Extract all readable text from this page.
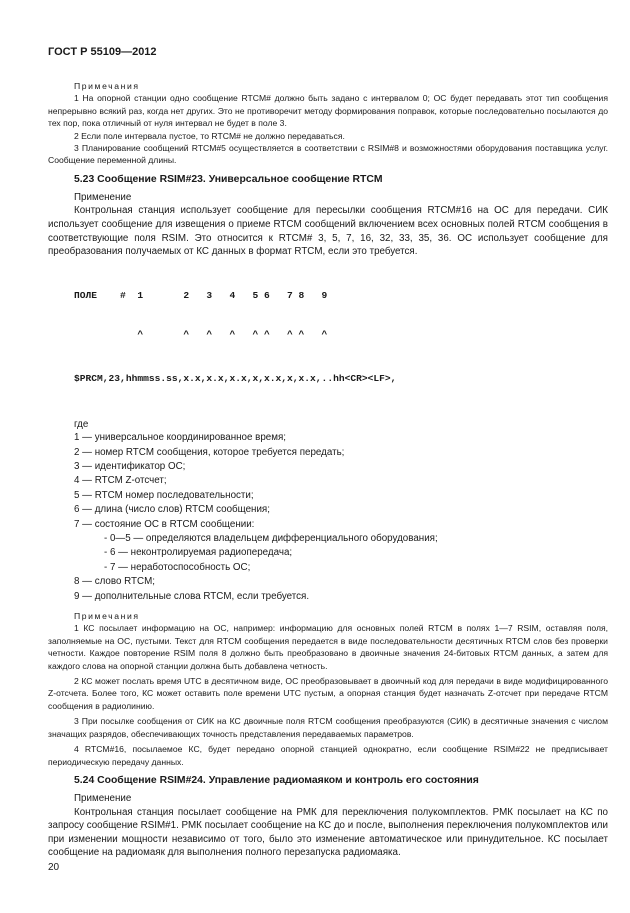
ГОСТ Р 55109—2012

Примечания

1 На опорной станции одно сообщение RTCM# должно быть задано с интервалом 0; ОС будет передавать этот тип сообщения непрерывно всякий раз, когда нет других. Это не противоречит методу формирования поправок, которые последовательно посылаются до тех пор, пока отличный от нуля интервал не будет в поле 3.

2 Если поле интервала пустое, то RTCM# не должно передаваться.

3 Планирование сообщений RTCM#5 осуществляется в соответствии с RSIM#8 и возможностями оборудования поставщика услуг. Сообщение переменной длины.

5.23 Сообщение RSIM#23. Универсальное сообщение RTCM

Применение

Контрольная станция использует сообщение для пересылки сообщения RTCM#16 на ОС для передачи. СИК использует сообщение для извещения о приеме RTCM сообщений включением всех основных полей RTCM сообщения в соответствующие поля RSIM. Это относится к RTCM# 3, 5, 7, 16, 32, 33, 35, 36. ОС использует сообщение для преобразования получаемых от КС данных в формат RTCM, если это требуется.

ПОЛЕ    #  1       2   3   4   5 6   7 8   9

^       ^   ^   ^   ^ ^   ^ ^   ^

$PRCM,23,hhmmss.ss,x.x,x.x,x.x,x,x.x,x,x.x,..hh<CR><LF>,

где

1 — универсальное координированное время;
2 — номер RTCM сообщения, которое требуется передать;
3 — идентификатор ОС;
4 — RTCM Z-отсчет;
5 — RTCM номер последовательности;
6 — длина (число слов) RTCM сообщения;
7 — состояние ОС в RTCM сообщении:
- 0—5 — определяются владельцем дифференциального оборудования;
- 6 — неконтролируемая радиопередача;
- 7 — неработоспособность ОС;
8 — слово RTCM;
9 — дополнительные слова RTCM, если требуется.

Примечания

1 КС посылает информацию на ОС, например: информацию для основных полей RTCM в полях 1—7 RSIM, оставляя поля, заполняемые на ОС, пустыми. Текст для RTCM сообщения передается в виде последовательности десятичных RTCM слов без проверки четности. Каждое повторение RSIM поля 8 должно быть преобразовано в двоичные значения 24-битовых RTCM данных, а затем для каждого слова на опорной станции должна быть добавлена четность.

2 КС может послать время UTC в десятичном виде, ОС преобразовывает в двоичный код для передачи в виде модифицированного Z-отсчета. Более того, КС может оставить поле времени UTC пустым, а опорная станция будет назначать Z-отсчет при передаче RTCM сообщения в радиолинию.

3 При посылке сообщения от СИК на КС двоичные поля RTCM сообщения преобразуются (СИК) в десятичные значения с числом значащих разрядов, обеспечивающих точность представления передаваемых параметров.

4 RTCM#16, посылаемое КС, будет передано опорной станцией однократно, если сообщение RSIM#22 не предписывает периодическую передачу данных.

5.24 Сообщение RSIM#24. Управление радиомаяком и контроль его состояния

Применение

Контрольная станция посылает сообщение на РМК для переключения полукомплектов. РМК посылает на КС по запросу сообщение RSIM#1. РМК посылает сообщение на КС до и после, выполнения переключения полукомплектов или при изменении мощности независимо от того, было это изменение автоматическое или принудительное. КС посылает сообщение на радиомаяк для выполнения полного перезапуска радиомаяка.

20
